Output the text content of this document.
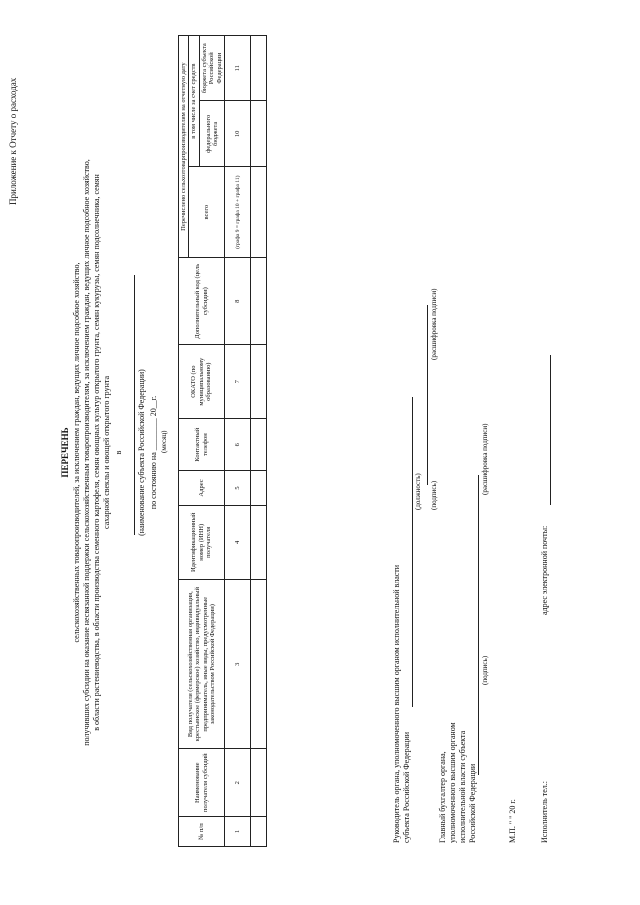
Приложение к Отчету о расходах
ПЕРЕЧЕНЬ сельскохозяйственных товаропроизводителей, за исключением граждан, ведущих личное подсобное хозяйство, получивших субсидии на оказание несвязанной поддержки сельскохозяйственным товаропроизводителям, за исключением граждан, ведущих личное подсобное хозяйство, в области растениеводства, в области производства семенного картофеля, семян овощных культур открытого грунта, семян кукурузы, семян подсолнечника, семян сахарной свеклы и овощей открытого грунта в (наименование субъекта Российской Федерации) по состоянию на ________ 20__г. (месяц)
№ п/п	Наименование получателя субсидий	Вид получателя (сельскохозяйственная организация, крестьянское (фермерское) хозяйство, индивидуальный предприниматель, иные виды, предусмотренные законодательством Российской Федерации)	Идентификационный номер (ИНН) получателя	Адрес	Контактный телефон	ОКАТО (по муниципальному образованию)	Дополнительный код (цель субсидии)	Перечислено сельхозтоварпроизводителям на отчетную дату		
								всего	в том числе за счет средств	
									федерального бюджета	бюджета субъекта Российской Федерации
1	2	3	4	5	6	7	8	(графа 9 = графа 10 + графа 11)	10	11

Руководитель органа, уполномоченного высшим органом исполнительной власти субъекта Российской Федерации
(должность) (подпись)
(расшифровка подписи)
Главный бухгалтер органа, уполномоченного высшим органом исполнительной власти субъекта Российской Федерации
(подпись)
(расшифровка подписи)
М.П. " " 20 г.	Исполнитель тел.:
адрес электронной почты:
